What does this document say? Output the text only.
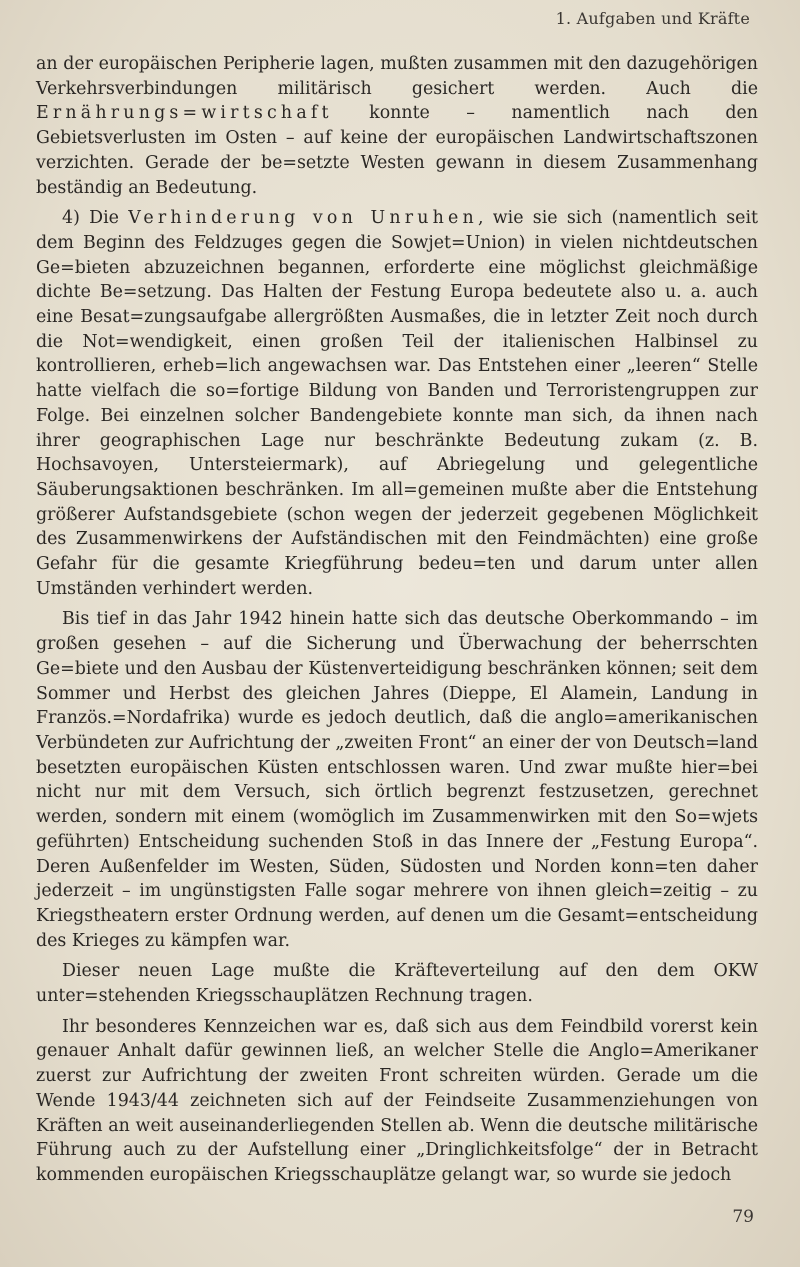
1. Aufgaben und Kräfte

an der europäischen Peripherie lagen, mußten zusammen mit den dazugehörigen Verkehrsverbindungen militärisch gesichert werden. Auch die Ernährungs=wirtschaft konnte – namentlich nach den Gebietsverlusten im Osten – auf keine der europäischen Landwirtschaftszonen verzichten. Gerade der be=setzte Westen gewann in diesem Zusammenhang beständig an Bedeutung.

4) Die Verhinderung von Unruhen, wie sie sich (namentlich seit dem Beginn des Feldzuges gegen die Sowjet=Union) in vielen nichtdeutschen Ge=bieten abzuzeichnen begannen, erforderte eine möglichst gleichmäßige dichte Be=setzung. Das Halten der Festung Europa bedeutete also u. a. auch eine Besat=zungsaufgabe allergrößten Ausmaßes, die in letzter Zeit noch durch die Not=wendigkeit, einen großen Teil der italienischen Halbinsel zu kontrollieren, erheb=lich angewachsen war. Das Entstehen einer „leeren“ Stelle hatte vielfach die so=fortige Bildung von Banden und Terroristengruppen zur Folge. Bei einzelnen solcher Bandengebiete konnte man sich, da ihnen nach ihrer geographischen Lage nur beschränkte Bedeutung zukam (z. B. Hochsavoyen, Untersteiermark), auf Abriegelung und gelegentliche Säuberungsaktionen beschränken. Im all=gemeinen mußte aber die Entstehung größerer Aufstandsgebiete (schon wegen der jederzeit gegebenen Möglichkeit des Zusammenwirkens der Aufständischen mit den Feindmächten) eine große Gefahr für die gesamte Kriegführung bedeu=ten und darum unter allen Umständen verhindert werden.

Bis tief in das Jahr 1942 hinein hatte sich das deutsche Oberkommando – im großen gesehen – auf die Sicherung und Überwachung der beherrschten Ge=biete und den Ausbau der Küstenverteidigung beschränken können; seit dem Sommer und Herbst des gleichen Jahres (Dieppe, El Alamein, Landung in Französ.=Nordafrika) wurde es jedoch deutlich, daß die anglo=amerikanischen Verbündeten zur Aufrichtung der „zweiten Front“ an einer der von Deutsch=land besetzten europäischen Küsten entschlossen waren. Und zwar mußte hier=bei nicht nur mit dem Versuch, sich örtlich begrenzt festzusetzen, gerechnet werden, sondern mit einem (womöglich im Zusammenwirken mit den So=wjets geführten) Entscheidung suchenden Stoß in das Innere der „Festung Europa“. Deren Außenfelder im Westen, Süden, Südosten und Norden konn=ten daher jederzeit – im ungünstigsten Falle sogar mehrere von ihnen gleich=zeitig – zu Kriegstheatern erster Ordnung werden, auf denen um die Gesamt=entscheidung des Krieges zu kämpfen war.

Dieser neuen Lage mußte die Kräfteverteilung auf den dem OKW unter=stehenden Kriegsschauplätzen Rechnung tragen.

Ihr besonderes Kennzeichen war es, daß sich aus dem Feindbild vorerst kein genauer Anhalt dafür gewinnen ließ, an welcher Stelle die Anglo=Amerikaner zuerst zur Aufrichtung der zweiten Front schreiten würden. Gerade um die Wende 1943/44 zeichneten sich auf der Feindseite Zusammenziehungen von Kräften an weit auseinanderliegenden Stellen ab. Wenn die deutsche militärische Führung auch zu der Aufstellung einer „Dringlichkeitsfolge“ der in Betracht kommenden europäischen Kriegsschauplätze gelangt war, so wurde sie jedoch

79
